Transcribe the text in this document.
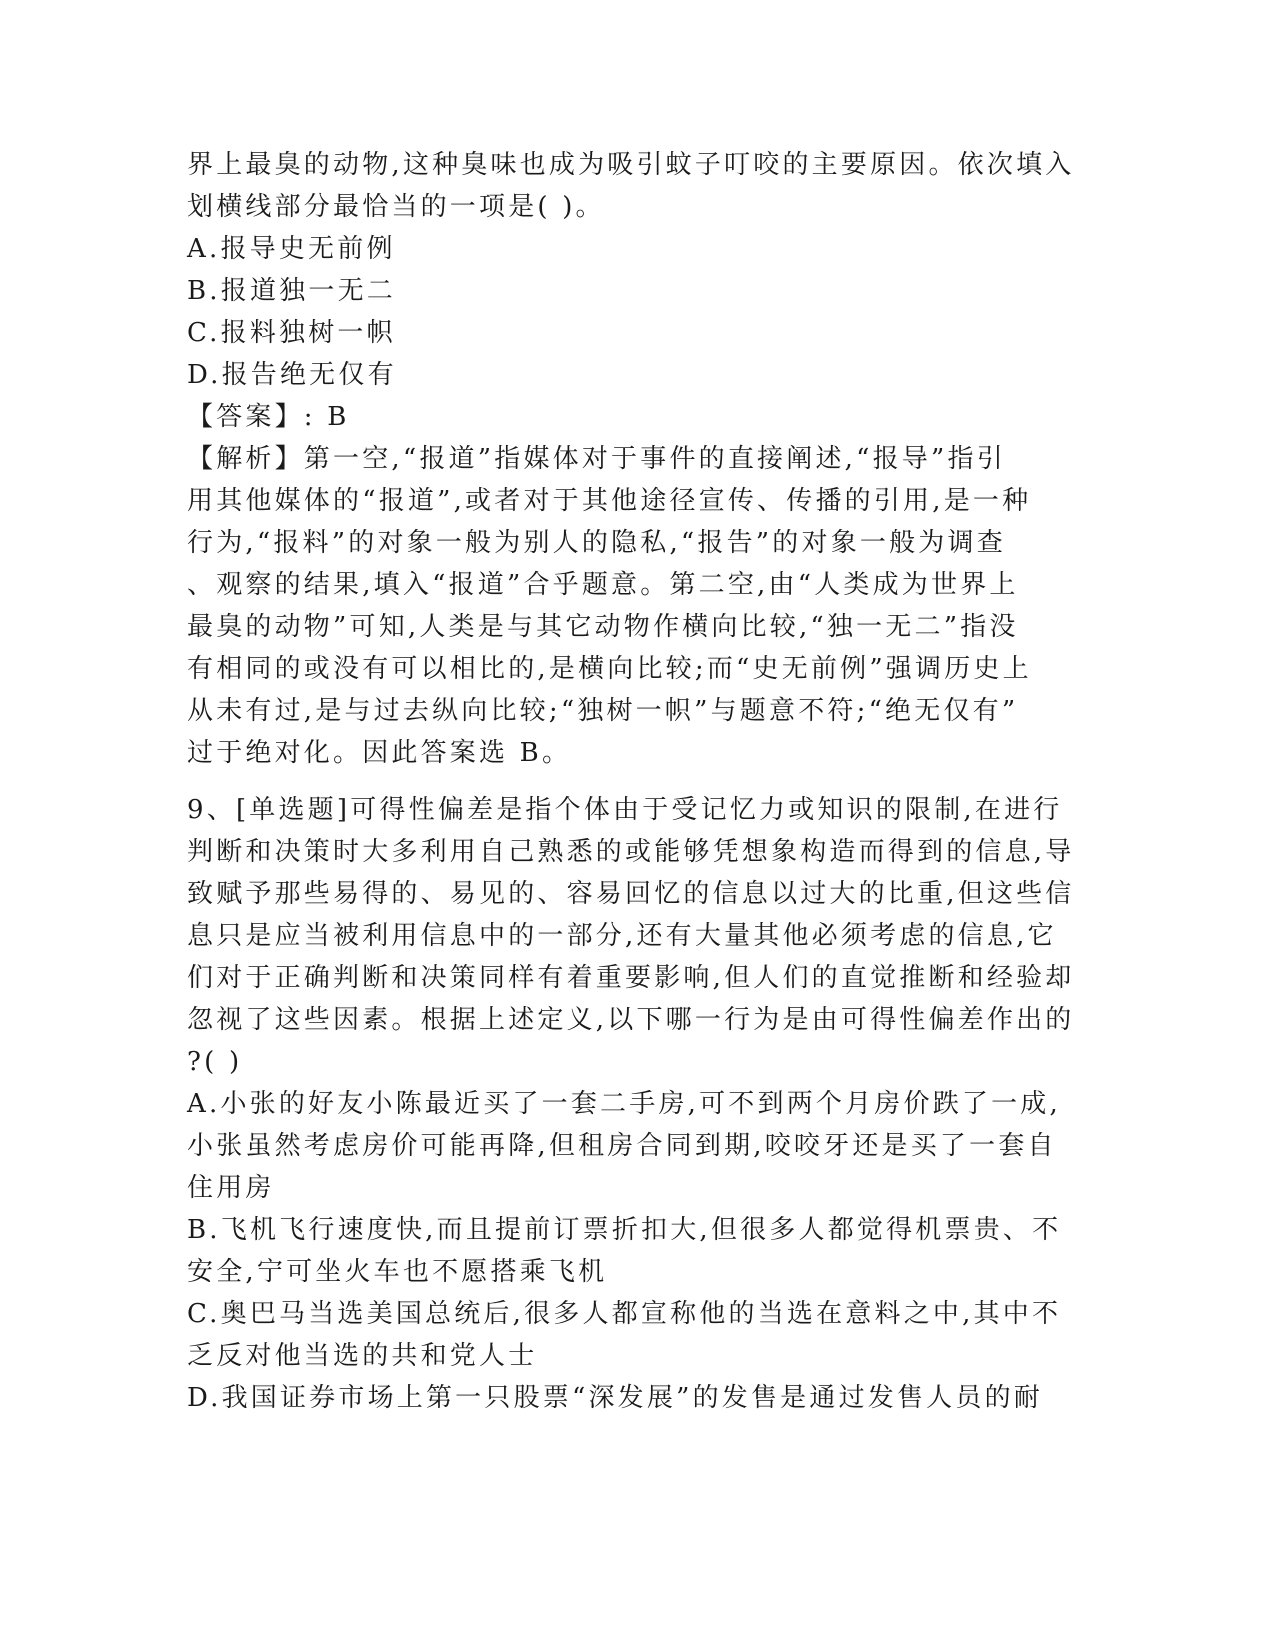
界上最臭的动物,这种臭味也成为吸引蚊子叮咬的主要原因。依次填入
划横线部分最恰当的一项是( )。
A.报导史无前例
B.报道独一无二
C.报料独树一帜
D.报告绝无仅有
【答案】: B
【解析】第一空,“报道”指媒体对于事件的直接阐述,“报导”指引
用其他媒体的“报道”,或者对于其他途径宣传、传播的引用,是一种
行为,“报料”的对象一般为别人的隐私,“报告”的对象一般为调查
、观察的结果,填入“报道”合乎题意。第二空,由“人类成为世界上
最臭的动物”可知,人类是与其它动物作横向比较,“独一无二”指没
有相同的或没有可以相比的,是横向比较;而“史无前例”强调历史上
从未有过,是与过去纵向比较;“独树一帜”与题意不符;“绝无仅有”
过于绝对化。因此答案选 B。
9、[单选题]可得性偏差是指个体由于受记忆力或知识的限制,在进行
判断和决策时大多利用自己熟悉的或能够凭想象构造而得到的信息,导
致赋予那些易得的、易见的、容易回忆的信息以过大的比重,但这些信
息只是应当被利用信息中的一部分,还有大量其他必须考虑的信息,它
们对于正确判断和决策同样有着重要影响,但人们的直觉推断和经验却
忽视了这些因素。根据上述定义,以下哪一行为是由可得性偏差作出的
?( )
A.小张的好友小陈最近买了一套二手房,可不到两个月房价跌了一成,
小张虽然考虑房价可能再降,但租房合同到期,咬咬牙还是买了一套自
住用房
B.飞机飞行速度快,而且提前订票折扣大,但很多人都觉得机票贵、不
安全,宁可坐火车也不愿搭乘飞机
C.奥巴马当选美国总统后,很多人都宣称他的当选在意料之中,其中不
乏反对他当选的共和党人士
D.我国证券市场上第一只股票“深发展”的发售是通过发售人员的耐
